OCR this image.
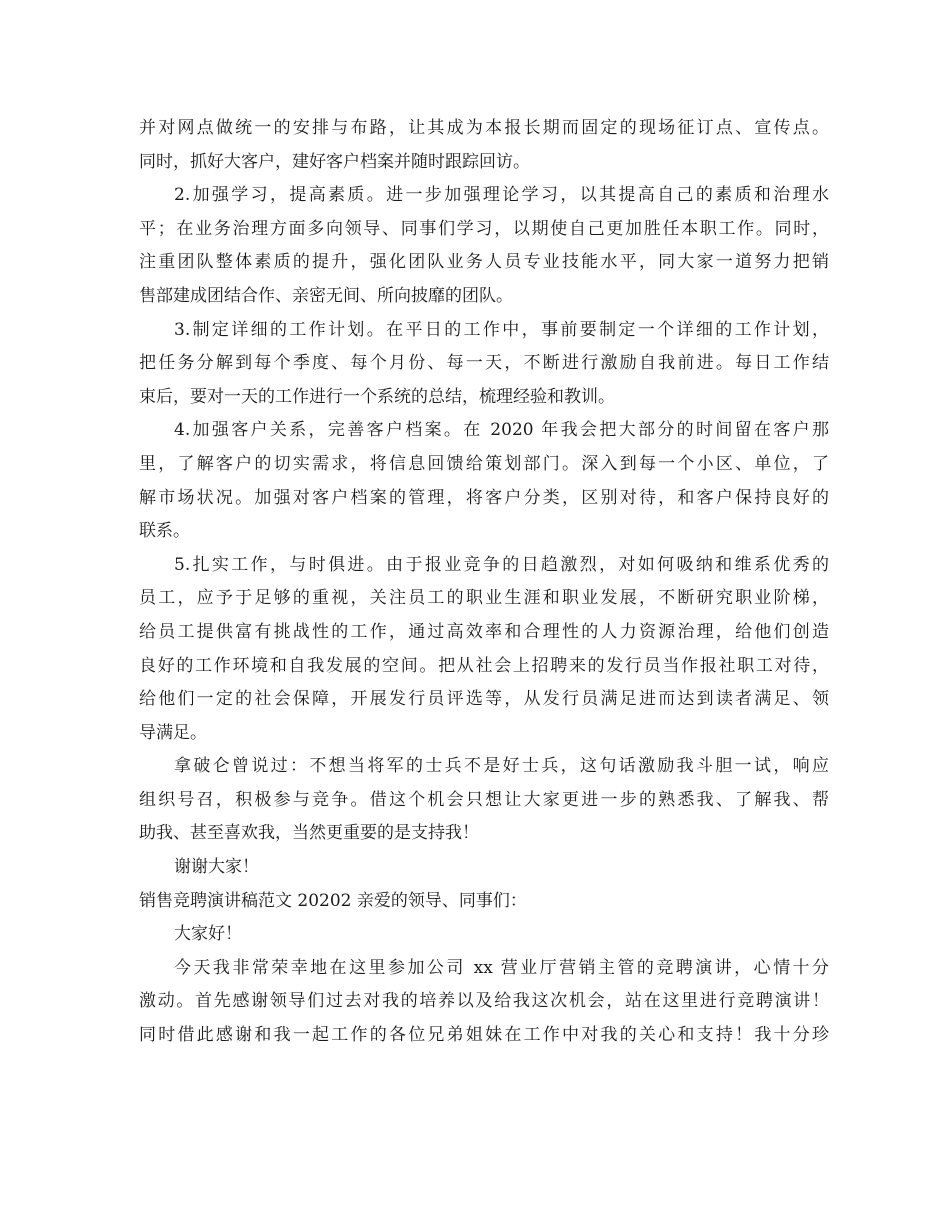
并对网点做统一的安排与布路，让其成为本报长期而固定的现场征订点、宣传点。
同时，抓好大客户，建好客户档案并随时跟踪回访。
2.加强学习，提高素质。进一步加强理论学习，以其提高自己的素质和治理水
平；在业务治理方面多向领导、同事们学习，以期使自己更加胜任本职工作。同时，
注重团队整体素质的提升，强化团队业务人员专业技能水平，同大家一道努力把销
售部建成团结合作、亲密无间、所向披靡的团队。
3.制定详细的工作计划。在平日的工作中，事前要制定一个详细的工作计划，
把任务分解到每个季度、每个月份、每一天，不断进行激励自我前进。每日工作结
束后，要对一天的工作进行一个系统的总结，梳理经验和教训。
4.加强客户关系，完善客户档案。在 2020 年我会把大部分的时间留在客户那
里，了解客户的切实需求，将信息回馈给策划部门。深入到每一个小区、单位，了
解市场状况。加强对客户档案的管理，将客户分类，区别对待，和客户保持良好的
联系。
5.扎实工作，与时俱进。由于报业竞争的日趋激烈，对如何吸纳和维系优秀的
员工，应予于足够的重视，关注员工的职业生涯和职业发展，不断研究职业阶梯，
给员工提供富有挑战性的工作，通过高效率和合理性的人力资源治理，给他们创造
良好的工作环境和自我发展的空间。把从社会上招聘来的发行员当作报社职工对待，
给他们一定的社会保障，开展发行员评选等，从发行员满足进而达到读者满足、领
导满足。
拿破仑曾说过：不想当将军的士兵不是好士兵，这句话激励我斗胆一试，响应
组织号召，积极参与竞争。借这个机会只想让大家更进一步的熟悉我、了解我、帮
助我、甚至喜欢我，当然更重要的是支持我！
谢谢大家！
销售竞聘演讲稿范文 20202 亲爱的领导、同事们：
大家好！
今天我非常荣幸地在这里参加公司 xx 营业厅营销主管的竞聘演讲，心情十分
激动。首先感谢领导们过去对我的培养以及给我这次机会，站在这里进行竞聘演讲！
同时借此感谢和我一起工作的各位兄弟姐妹在工作中对我的关心和支持！我十分珍
